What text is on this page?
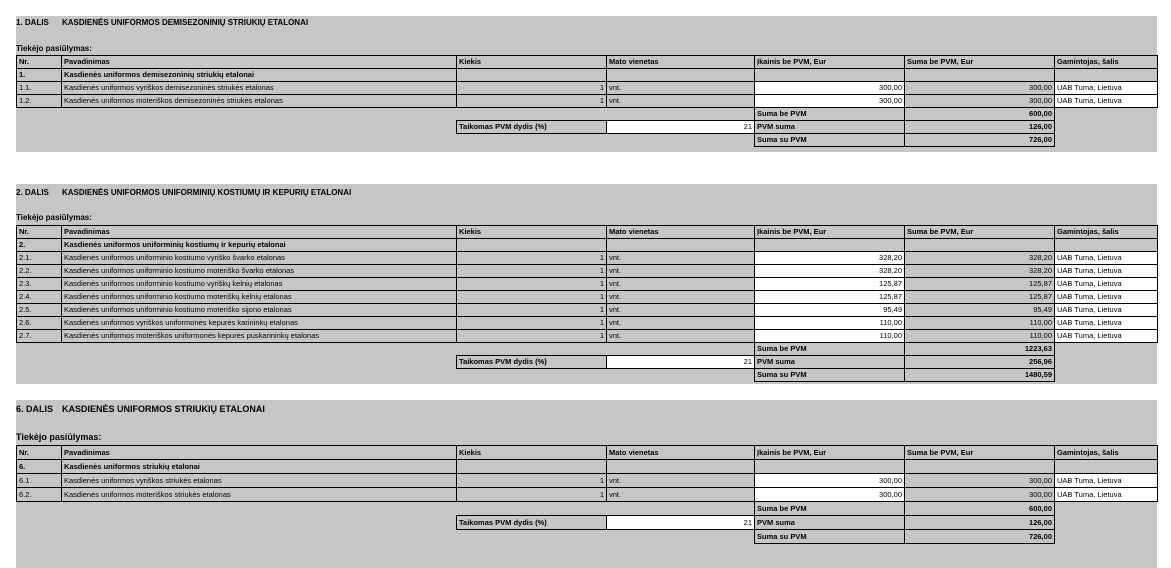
1. DALIS KASDIENĖS UNIFORMOS DEMISEZONINIŲ STRIUKIŲ ETALONAI
Tiekėjo pasiūlymas:
Nr.	Pavadinimas	Kiekis	Mato vienetas	Įkainis be PVM, Eur	Suma be PVM, Eur	Gamintojas, šalis
1.	Kasdienės uniformos demisezoninių striukių etalonai					
1.1.	Kasdienės uniformos vyriškos demisezoninės striukės etalonas	1	vnt.	300,00	300,00	UAB Tuma, Lietuva
1.2.	Kasdienės uniformos moteriškos demisezoninės striukės etalonas	1	vnt.	300,00	300,00	UAB Tuma, Lietuva
				Suma be PVM	600,00	
		Taikomas PVM dydis (%)	21	PVM suma	126,00	
				Suma su PVM	726,00	
2. DALIS KASDIENĖS UNIFORMOS UNIFORMINIŲ KOSTIUMŲ IR KEPURIŲ ETALONAI
Tiekėjo pasiūlymas:
Nr.	Pavadinimas	Kiekis	Mato vienetas	Įkainis be PVM, Eur	Suma be PVM, Eur	Gamintojas, šalis
2.	Kasdienės uniformos uniforminių kostiumų ir kepurių etalonai					
2.1.	Kasdienės uniformos uniforminio kostiumo vyriško švarko etalonas	1	vnt.	328,20	328,20	UAB Tuma, Lietuva
2.2.	Kasdienės uniformos uniforminio kostiumo moteriško švarko etalonas	1	vnt.	328,20	328,20	UAB Tuma, Lietuva
2.3.	Kasdienės uniformos uniforminio kostiumo vyriškų kelnių etalonas	1	vnt.	125,87	125,87	UAB Tuma, Lietuva
2.4.	Kasdienės uniformos uniforminio kostiumo moteriškų kelnių etalonas	1	vnt.	125,87	125,87	UAB Tuma, Lietuva
2.5.	Kasdienės uniformos uniforminio kostiumo moteriško sijono etalonas	1	vnt.	95,49	95,49	UAB Tuma, Lietuva
2.6.	Kasdienės uniformos vyriškos uniformonės kepurės karininkų etalonas	1	vnt.	110,00	110,00	UAB Tuma, Lietuva
2.7.	Kasdienės uniformos moteriškos uniformonės kepurės puskarininkų etalonas	1	vnt.	110,00	110,00	UAB Tuma, Lietuva
				Suma be PVM	1223,63	
		Taikomas PVM dydis (%)	21	PVM suma	256,96	
				Suma su PVM	1480,59	
6. DALIS KASDIENĖS UNIFORMOS STRIUKIŲ ETALONAI
Tiekėjo pasiūlymas:
Nr.	Pavadinimas	Kiekis	Mato vienetas	Įkainis be PVM, Eur	Suma be PVM, Eur	Gamintojas, šalis
6.	Kasdienės uniformos striukių etalonai					
6.1.	Kasdienės uniformos vyriškos striukės etalonas	1	vnt.	300,00	300,00	UAB Tuma, Lietuva
6.2.	Kasdienės uniformos moteriškos striukės etalonas	1	vnt.	300,00	300,00	UAB Tuma, Lietuva
				Suma be PVM	600,00	
		Taikomas PVM dydis (%)	21	PVM suma	126,00	
				Suma su PVM	726,00	
